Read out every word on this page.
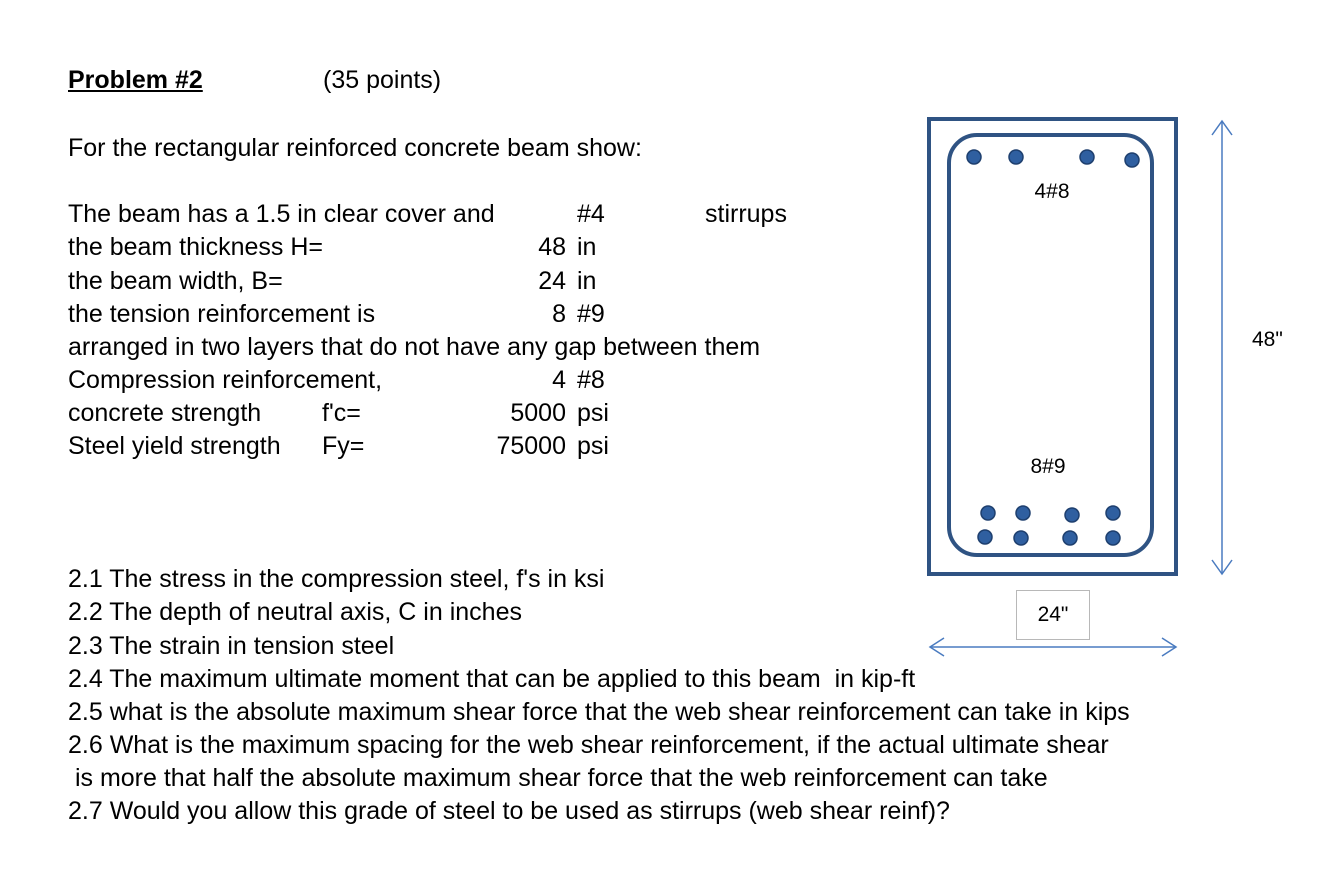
Problem #2	(35 points)
For the rectangular reinforced concrete beam show:
The beam has a 1.5 in clear cover and	#4	stirrups
the beam thickness H=	48 in
the beam width, B=	24 in
the tension reinforcement is	8 #9
arranged in two layers that do not have any gap between them
Compression reinforcement,	4 #8
concrete strength f'c=	5000 psi
Steel yield strength Fy=	75000 psi
2.1 The stress in the compression steel, f's in ksi
2.2 The depth of neutral axis, C in inches
2.3 The strain in tension steel
2.4 The maximum ultimate moment that can be applied to this beam  in kip-ft
2.5 what is the absolute maximum shear force that the web shear reinforcement can take in kips
2.6 What is the maximum spacing for the web shear reinforcement, if the actual ultimate shear
is more that half the absolute maximum shear force that the web reinforcement can take
2.7 Would you allow this grade of steel to be used as stirrups (web shear reinf)?
4#8
8#9
48"
24"
